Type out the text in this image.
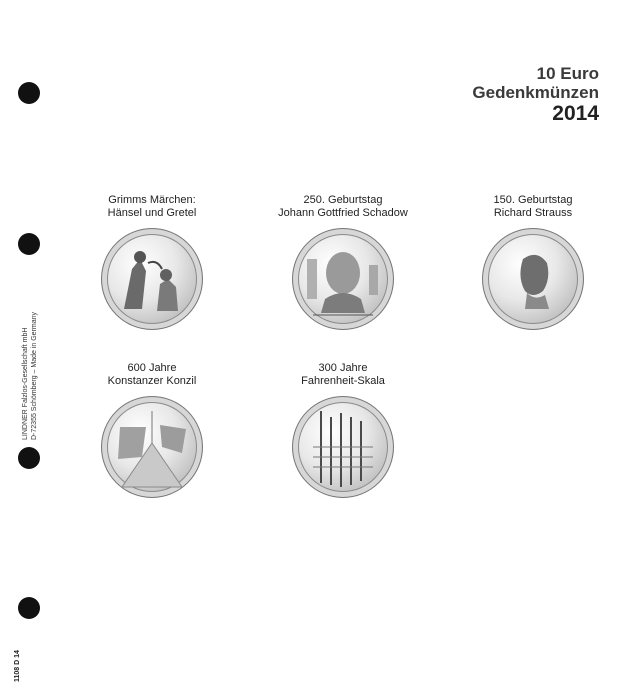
10 Euro
Gedenkmünzen
2014
Grimms Märchen:
Hänsel und Gretel
250. Geburtstag
Johann Gottfried Schadow
150. Geburtstag
Richard Strauss
600 Jahre
Konstanzer Konzil
300 Jahre
Fahrenheit-Skala
LINDNER Falzlos-Gesellschaft mbH D-72355 Schömberg – Made in Germany
1108 D 14
